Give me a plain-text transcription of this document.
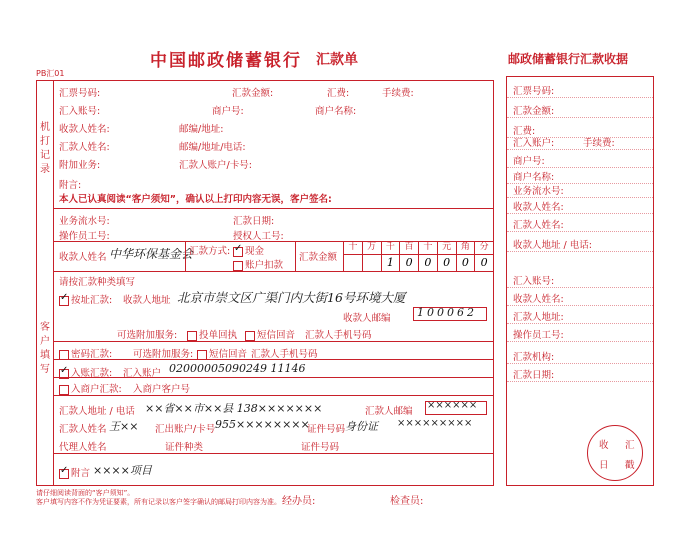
中国邮政储蓄银行 汇款单
PB汇01
机
打
记
录
客
户
填
写
汇票号码:	汇款金额:	汇费:	手续费:
汇入账号:	商户号:	商户名称:
收款人姓名:	邮编/地址:
汇款人姓名:	邮编/地址/电话:
附加业务:	汇款人账户/卡号:
附言:
本人已认真阅读“客户须知”，确认以上打印内容无误，客户签名:
业务流水号:	汇款日期:
操作员工号:	授权人工号:
收款人姓名 中华环保基金会
汇款方式:
✓	现金
账户扣款
汇款金额
十	万	千
1
百
0
十
0
元
0
角
0
分
0
请按汇款种类填写
✓按址汇款: 收款人地址 北京市崇文区广渠门内大街16号环境大厦
收款人邮编 100062
可选附加服务:	投单回执	短信回音 汇款人手机号码
密码汇款: 可选附加服务:	短信回音 汇款人手机号码
✓入账汇款: 汇入账户 02000005090249 11146
入商户汇款: 入商户客户号
汇款人地址 / 电话 ××省××市××县 138×××××××	汇款人邮编
××××××
汇款人姓名 王×× 汇出账户/卡号 955××××××××
证件号码 身份证 ×××××××××
代理人姓名	证件种类	证件号码
✓附言 ××××项目
请仔细阅读背面的“客户须知”。
客户填写内容不作为凭证要素，所有记录以客户签字确认的邮局打印内容为准。 经办员:	检查员:
邮政储蓄银行汇款收据
汇票号码:
汇款金额:
汇费:
汇入账户:
商户号:
商户名称:
业务流水号:
收款人姓名:
汇款人姓名:
收款人地址 / 电话:
汇入账号:
收款人姓名:
汇款人地址:
操作员工号:
汇款机构:
汇款日期:
手续费:
收 汇
日 戳
